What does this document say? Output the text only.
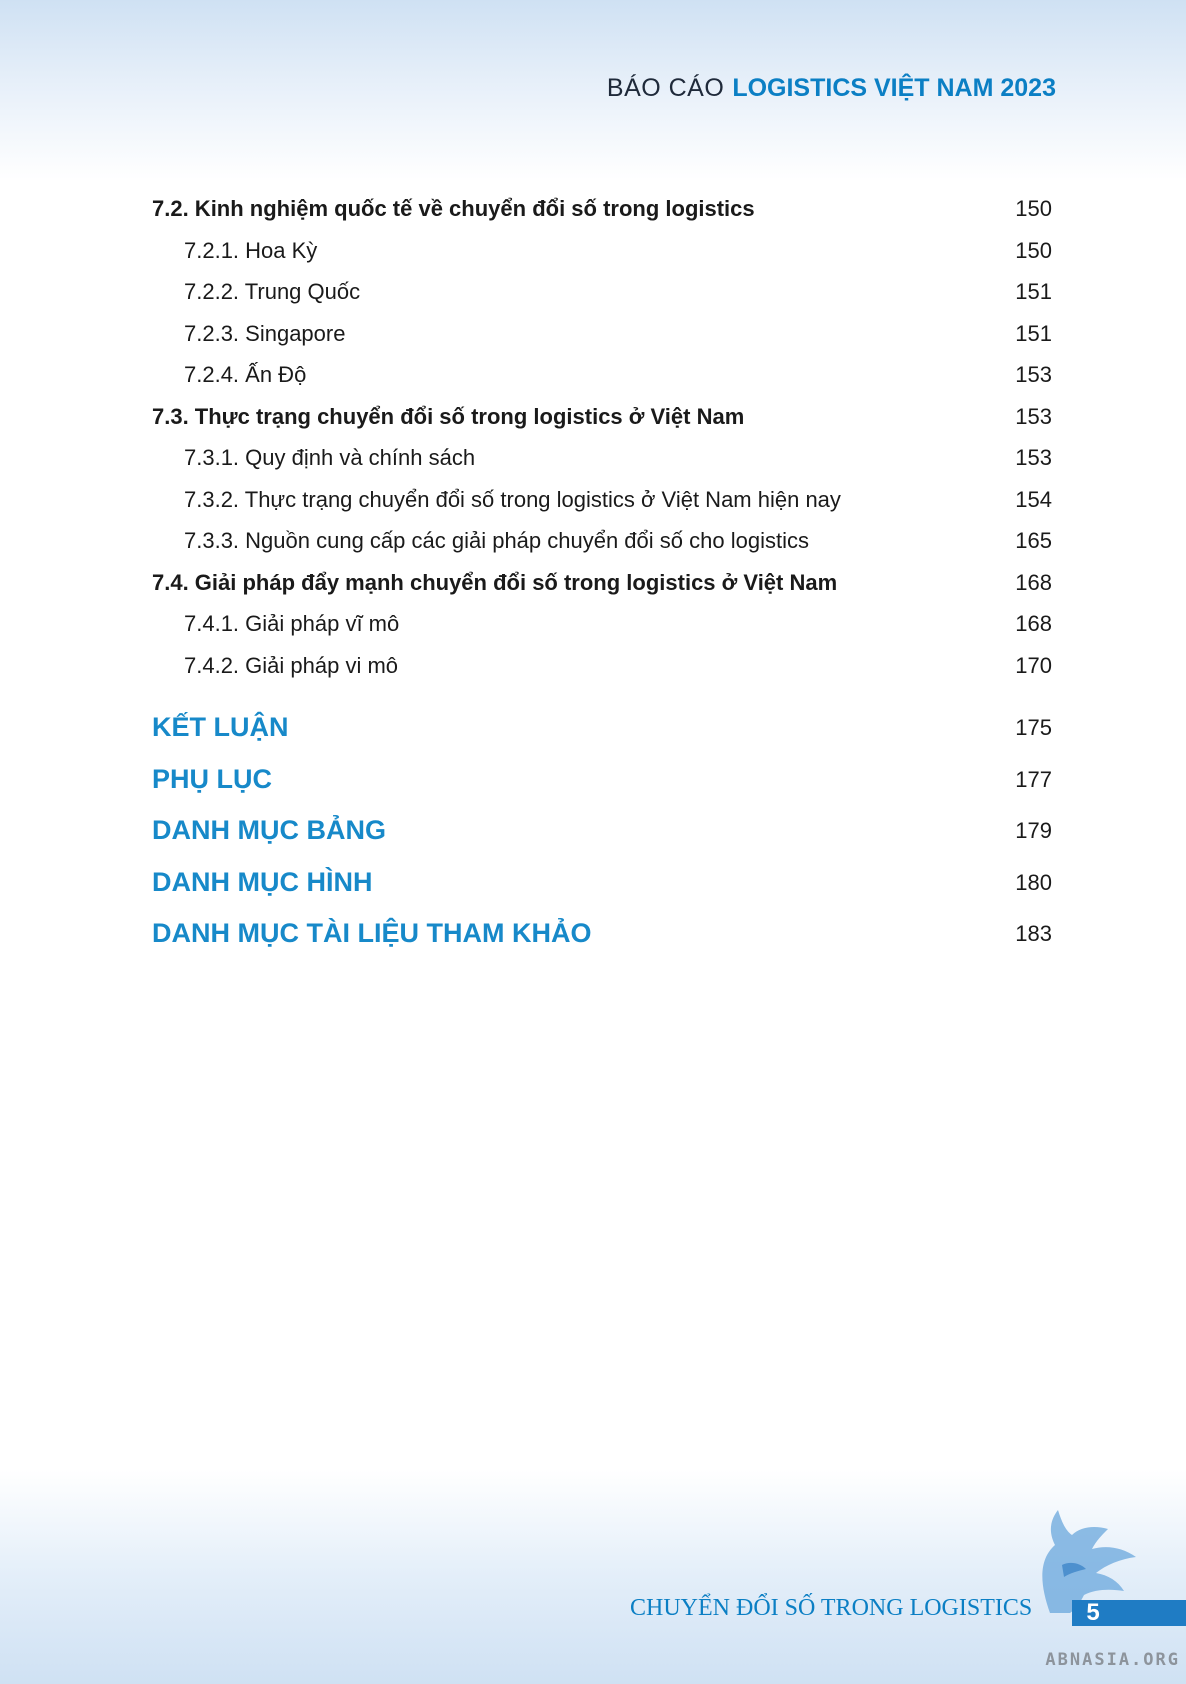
BÁO CÁO LOGISTICS VIỆT NAM 2023
7.2. Kinh nghiệm quốc tế về chuyển đổi số trong logistics	150
7.2.1. Hoa Kỳ	150
7.2.2. Trung Quốc	151
7.2.3. Singapore	151
7.2.4. Ấn Độ	153
7.3. Thực trạng chuyển đổi số trong logistics ở Việt Nam	153
7.3.1. Quy định và chính sách	153
7.3.2. Thực trạng chuyển đổi số trong logistics ở Việt Nam hiện nay	154
7.3.3. Nguồn cung cấp các giải pháp chuyển đổi số cho logistics	165
7.4. Giải pháp đẩy mạnh chuyển đổi số trong logistics ở Việt Nam	168
7.4.1. Giải pháp vĩ mô	168
7.4.2. Giải pháp vi mô	170
KẾT LUẬN	175
PHỤ LỤC	177
DANH MỤC BẢNG	179
DANH MỤC HÌNH	180
DANH MỤC TÀI LIỆU THAM KHẢO	183
CHUYỂN ĐỔI SỐ TRONG LOGISTICS 5
ABNASIA.ORG
